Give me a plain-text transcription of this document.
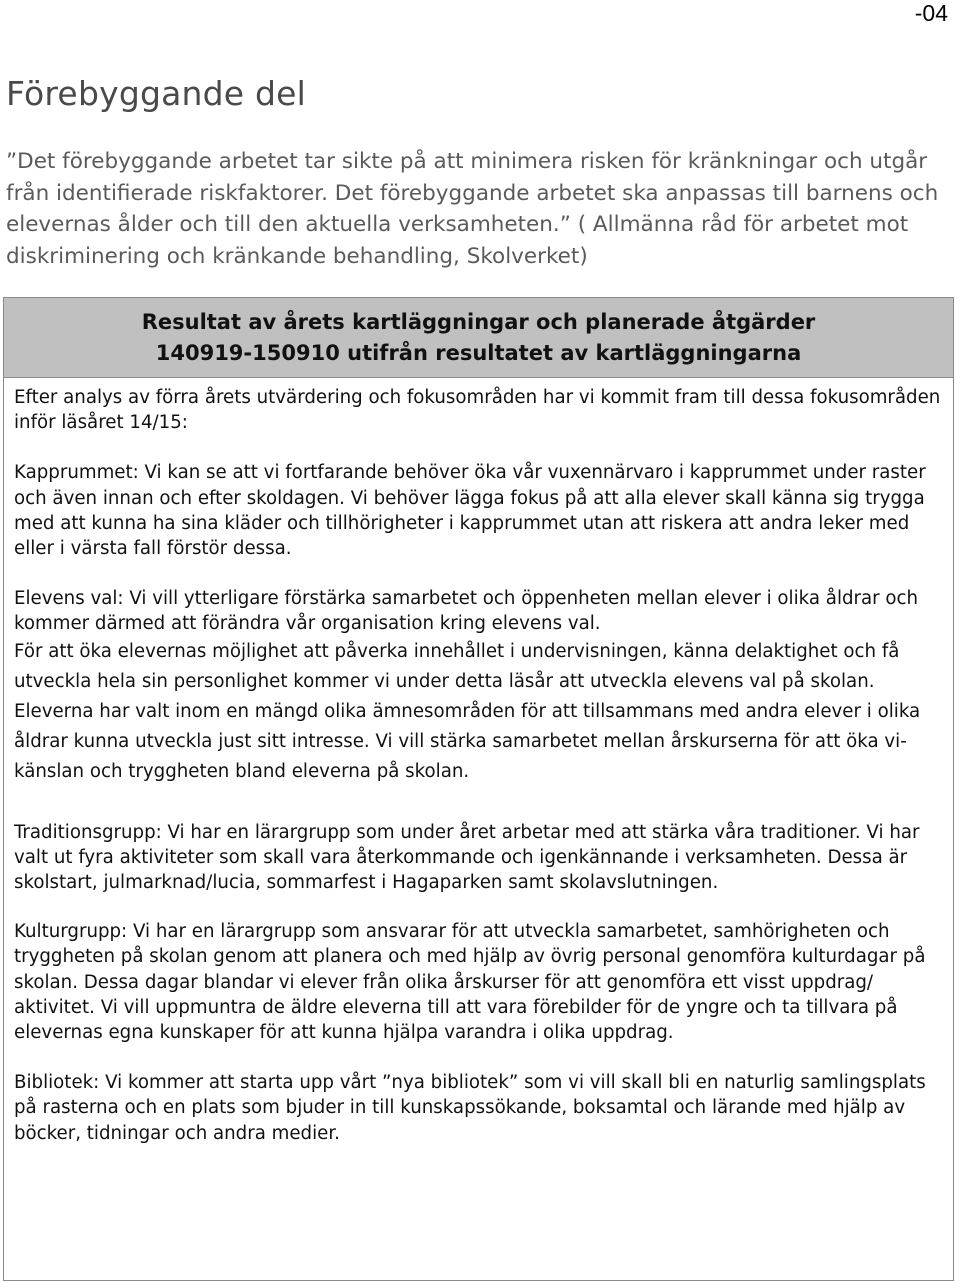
-04
Förebyggande del

”Det förebyggande arbetet tar sikte på att minimera risken för kränkningar och utgår från identifierade riskfaktorer. Det förebyggande arbetet ska anpassas till barnens och elevernas ålder och till den aktuella verksamheten.” ( Allmänna råd för arbetet mot diskriminering och kränkande behandling, Skolverket)

Resultat av årets kartläggningar och planerade åtgärder
140919-150910 utifrån resultatet av kartläggningarna

Efter analys av förra årets utvärdering och fokusområden har vi kommit fram till dessa fokusområden inför läsåret 14/15:

Kapprummet: Vi kan se att vi fortfarande behöver öka vår vuxennärvaro i kapprummet under raster och även innan och efter skoldagen. Vi behöver lägga fokus på att alla elever skall känna sig trygga med att kunna ha sina kläder och tillhörigheter i kapprummet utan att riskera att andra leker med eller i värsta fall förstör dessa.

Elevens val: Vi vill ytterligare förstärka samarbetet och öppenheten mellan elever i olika åldrar och kommer därmed att förändra vår organisation kring elevens val.

För att öka elevernas möjlighet att påverka innehållet i undervisningen, känna delaktighet och få utveckla hela sin personlighet kommer vi under detta läsår att utveckla elevens val på skolan. Eleverna har valt inom en mängd olika ämnesområden för att tillsammans med andra elever i olika åldrar kunna utveckla just sitt intresse. Vi vill stärka samarbetet mellan årskurserna för att öka vi-känslan och tryggheten bland eleverna på skolan.

Traditionsgrupp: Vi har en lärargrupp som under året arbetar med att stärka våra traditioner. Vi har valt ut fyra aktiviteter som skall vara återkommande och igenkännande i verksamheten. Dessa är skolstart, julmarknad/lucia, sommarfest i Hagaparken samt skolavslutningen.

Kulturgrupp: Vi har en lärargrupp som ansvarar för att utveckla samarbetet, samhörigheten och tryggheten på skolan genom att planera och med hjälp av övrig personal genomföra kulturdagar på skolan. Dessa dagar blandar vi elever från olika årskurser för att genomföra ett visst uppdrag/ aktivitet. Vi vill uppmuntra de äldre eleverna till att vara förebilder för de yngre och ta tillvara på elevernas egna kunskaper för att kunna hjälpa varandra i olika uppdrag.

Bibliotek: Vi kommer att starta upp vårt ”nya bibliotek” som vi vill skall bli en naturlig samlingsplats på rasterna och en plats som bjuder in till kunskapssökande, boksamtal och lärande med hjälp av böcker, tidningar och andra medier.
